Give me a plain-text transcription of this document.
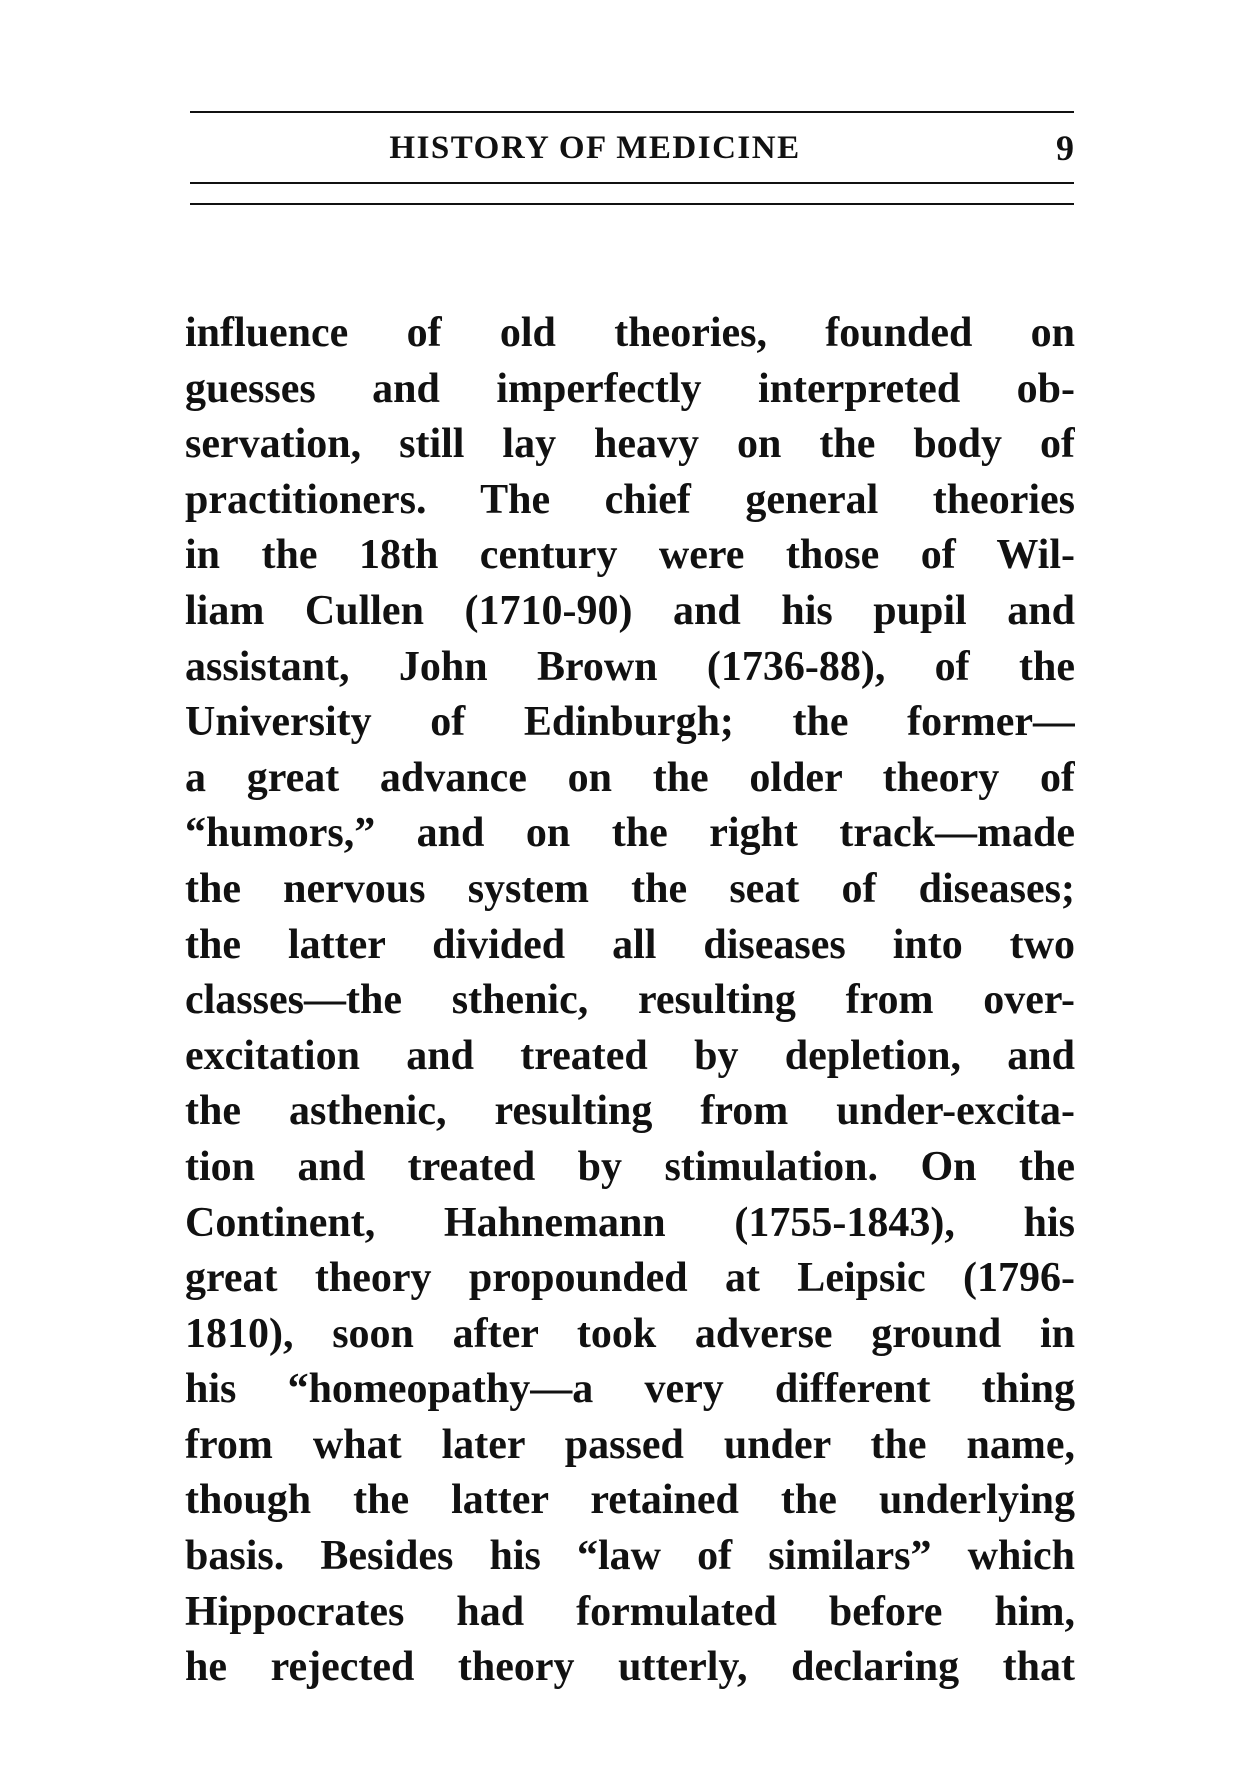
HISTORY OF MEDICINE	9
influence of old theories, founded on
guesses and imperfectly interpreted ob-
servation, still lay heavy on the body of
practitioners. The chief general theories
in the 18th century were those of Wil-
liam Cullen (1710-90) and his pupil and
assistant, John Brown (1736-88), of the
University of Edinburgh; the former—
a great advance on the older theory of
“humors,” and on the right track—made
the nervous system the seat of diseases;
the latter divided all diseases into two
classes—the sthenic, resulting from over-
excitation and treated by depletion, and
the asthenic, resulting from under-excita-
tion and treated by stimulation. On the
Continent, Hahnemann (1755-1843), his
great theory propounded at Leipsic (1796-
1810), soon after took adverse ground in
his “homeopathy—a very different thing
from what later passed under the name,
though the latter retained the underlying
basis. Besides his “law of similars” which
Hippocrates had formulated before him,
he rejected theory utterly, declaring that
